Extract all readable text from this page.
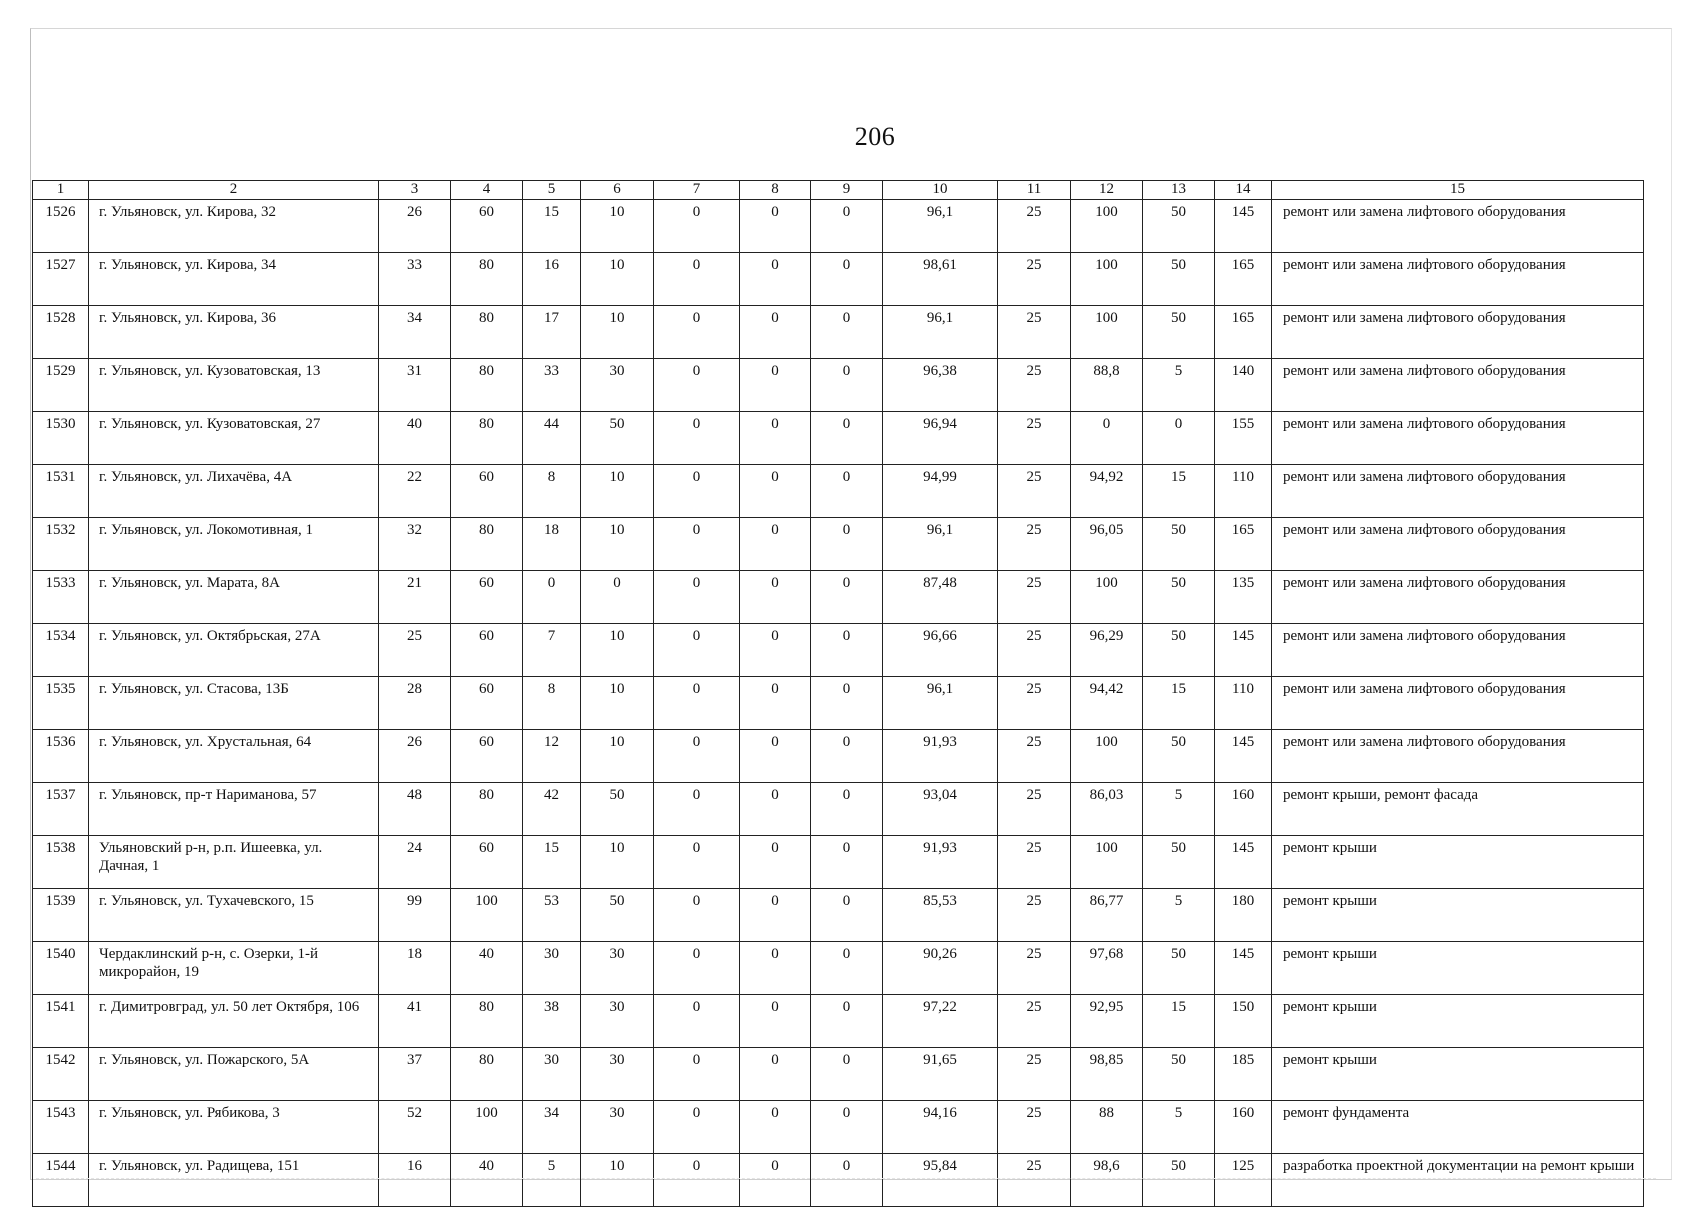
206
1	2	3	4	5	6	7	8	9	10	11	12	13	14	15
1526	г. Ульяновск, ул. Кирова, 32	26	60	15	10	0	0	0	96,1	25	100	50	145	ремонт или замена лифтового оборудования
1527	г. Ульяновск, ул. Кирова, 34	33	80	16	10	0	0	0	98,61	25	100	50	165	ремонт или замена лифтового оборудования
1528	г. Ульяновск, ул. Кирова, 36	34	80	17	10	0	0	0	96,1	25	100	50	165	ремонт или замена лифтового оборудования
1529	г. Ульяновск, ул. Кузоватовская, 13	31	80	33	30	0	0	0	96,38	25	88,8	5	140	ремонт или замена лифтового оборудования
1530	г. Ульяновск, ул. Кузоватовская, 27	40	80	44	50	0	0	0	96,94	25	0	0	155	ремонт или замена лифтового оборудования
1531	г. Ульяновск, ул. Лихачёва, 4А	22	60	8	10	0	0	0	94,99	25	94,92	15	110	ремонт или замена лифтового оборудования
1532	г. Ульяновск, ул. Локомотивная, 1	32	80	18	10	0	0	0	96,1	25	96,05	50	165	ремонт или замена лифтового оборудования
1533	г. Ульяновск, ул. Марата, 8А	21	60	0	0	0	0	0	87,48	25	100	50	135	ремонт или замена лифтового оборудования
1534	г. Ульяновск, ул. Октябрьская, 27А	25	60	7	10	0	0	0	96,66	25	96,29	50	145	ремонт или замена лифтового оборудования
1535	г. Ульяновск, ул. Стасова, 13Б	28	60	8	10	0	0	0	96,1	25	94,42	15	110	ремонт или замена лифтового оборудования
1536	г. Ульяновск, ул. Хрустальная, 64	26	60	12	10	0	0	0	91,93	25	100	50	145	ремонт или замена лифтового оборудования
1537	г. Ульяновск, пр-т Нариманова, 57	48	80	42	50	0	0	0	93,04	25	86,03	5	160	ремонт крыши, ремонт фасада
1538	Ульяновский р-н, р.п. Ишеевка, ул. Дачная, 1	24	60	15	10	0	0	0	91,93	25	100	50	145	ремонт крыши
1539	г. Ульяновск, ул. Тухачевского, 15	99	100	53	50	0	0	0	85,53	25	86,77	5	180	ремонт крыши
1540	Чердаклинский р-н, с. Озерки, 1-й микрорайон, 19	18	40	30	30	0	0	0	90,26	25	97,68	50	145	ремонт крыши
1541	г. Димитровград, ул. 50 лет Октября, 106	41	80	38	30	0	0	0	97,22	25	92,95	15	150	ремонт крыши
1542	г. Ульяновск, ул. Пожарского, 5А	37	80	30	30	0	0	0	91,65	25	98,85	50	185	ремонт крыши
1543	г. Ульяновск, ул. Рябикова, 3	52	100	34	30	0	0	0	94,16	25	88	5	160	ремонт фундамента
1544	г. Ульяновск, ул. Радищева, 151	16	40	5	10	0	0	0	95,84	25	98,6	50	125	разработка проектной документации на ремонт крыши
